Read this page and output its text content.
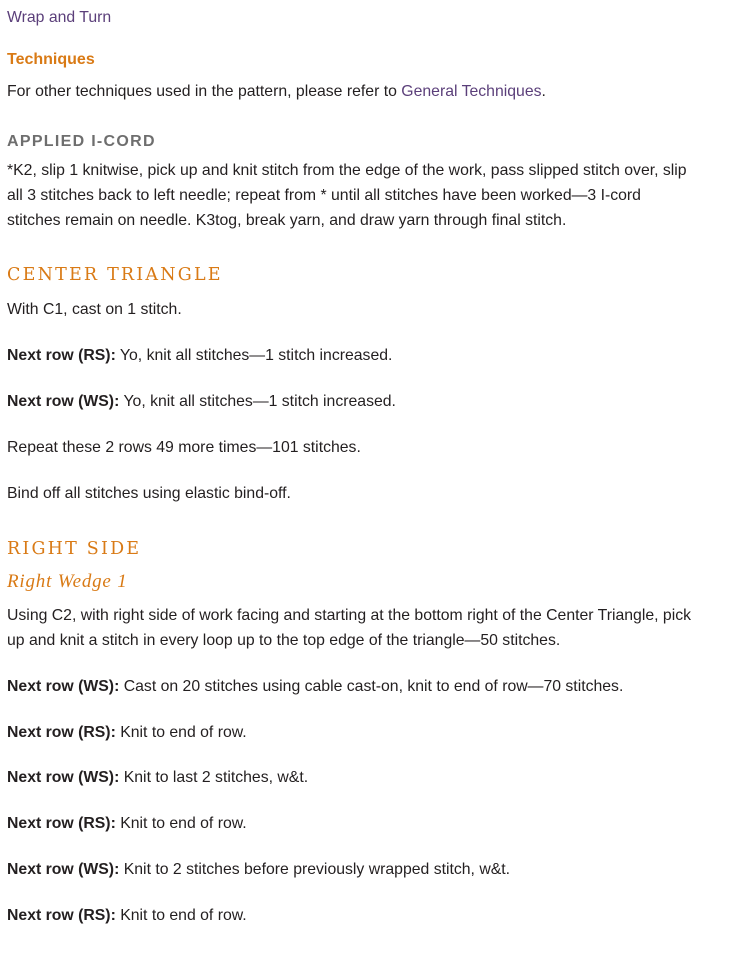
Wrap and Turn
Techniques

For other techniques used in the pattern, please refer to General Techniques.

APPLIED I-CORD

*K2, slip 1 knitwise, pick up and knit stitch from the edge of the work, pass slipped stitch over, slip

all 3 stitches back to left needle; repeat from * until all stitches have been worked—3 I-cord

stitches remain on needle. K3tog, break yarn, and draw yarn through final stitch.

CENTER TRIANGLE

With C1, cast on 1 stitch.

Next row (RS): Yo, knit all stitches—1 stitch increased.

Next row (WS): Yo, knit all stitches—1 stitch increased.

Repeat these 2 rows 49 more times—101 stitches.

Bind off all stitches using elastic bind-off.

RIGHT SIDE
Right Wedge 1

Using C2, with right side of work facing and starting at the bottom right of the Center Triangle, pick

up and knit a stitch in every loop up to the top edge of the triangle—50 stitches.

Next row (WS): Cast on 20 stitches using cable cast-on, knit to end of row—70 stitches.

Next row (RS): Knit to end of row.

Next row (WS): Knit to last 2 stitches, w&t.

Next row (RS): Knit to end of row.

Next row (WS): Knit to 2 stitches before previously wrapped stitch, w&t.

Next row (RS): Knit to end of row.
